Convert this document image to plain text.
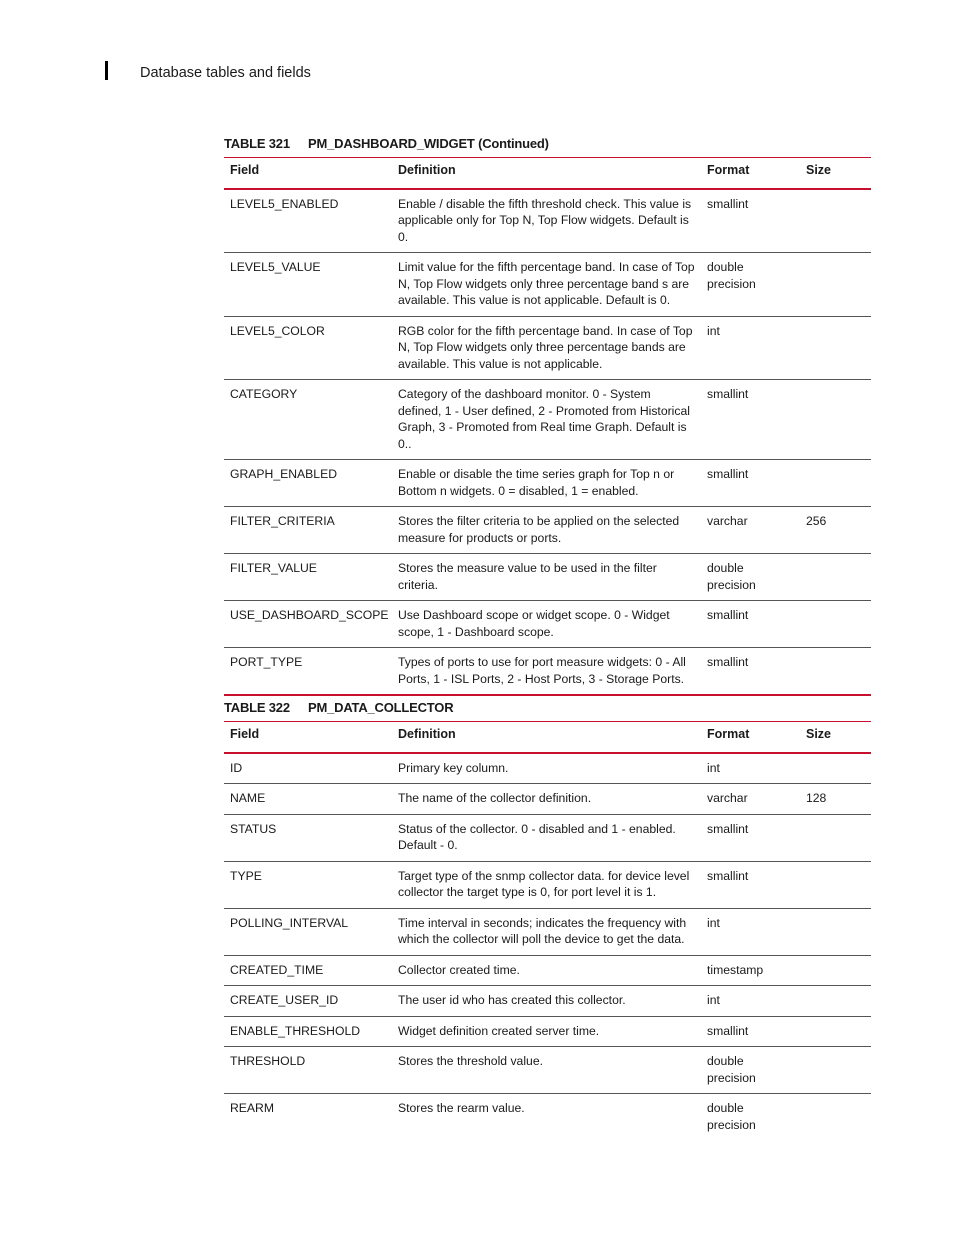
Database tables and fields
TABLE 321 PM_DASHBOARD_WIDGET (Continued)
Field	Definition	Format	Size
LEVEL5_ENABLED	Enable / disable the fifth threshold check. This value is applicable only for Top N, Top Flow widgets. Default is 0.	smallint	
LEVEL5_VALUE	Limit value for the fifth percentage band. In case of Top N, Top Flow widgets only three percentage band s are available. This value is not applicable. Default is 0.	double precision	
LEVEL5_COLOR	RGB color for the fifth percentage band. In case of Top N, Top Flow widgets only three percentage bands are available. This value is not applicable.	int	
CATEGORY	Category of the dashboard monitor. 0 - System defined, 1 - User defined, 2 - Promoted from Historical Graph, 3 - Promoted from Real time Graph. Default is 0..	smallint	
GRAPH_ENABLED	Enable or disable the time series graph for Top n or Bottom n widgets. 0 = disabled, 1 = enabled.	smallint	
FILTER_CRITERIA	Stores the filter criteria to be applied on the selected measure for products or ports.	varchar	256
FILTER_VALUE	Stores the measure value to be used in the filter criteria.	double precision	
USE_DASHBOARD_SCOPE	Use Dashboard scope or widget scope. 0 - Widget scope, 1 - Dashboard scope.	smallint	
PORT_TYPE	Types of ports to use for port measure widgets: 0 - All Ports, 1 - ISL Ports, 2 - Host Ports, 3 - Storage Ports.	smallint	
TABLE 322 PM_DATA_COLLECTOR
Field	Definition	Format	Size
ID	Primary key column.	int	
NAME	The name of the collector definition.	varchar	128
STATUS	Status of the collector. 0 - disabled and 1 - enabled. Default - 0.	smallint	
TYPE	Target type of the snmp collector data. for device level collector the target type is 0, for port level it is 1.	smallint	
POLLING_INTERVAL	Time interval in seconds; indicates the frequency with which the collector will poll the device to get the data.	int	
CREATED_TIME	Collector created time.	timestamp	
CREATE_USER_ID	The user id who has created this collector.	int	
ENABLE_THRESHOLD	Widget definition created server time.	smallint	
THRESHOLD	Stores the threshold value.	double precision	
REARM	Stores the rearm value.	double precision	
